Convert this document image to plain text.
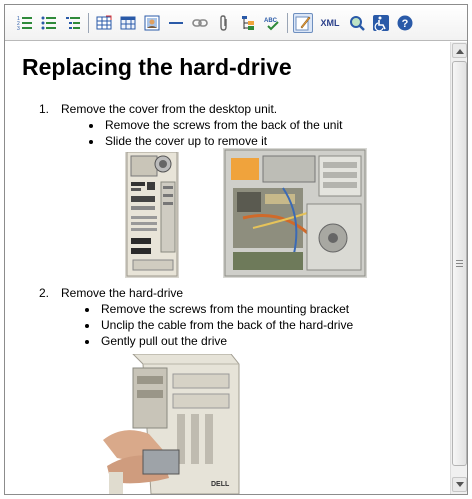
1
2
3
ABC	XML	?
Replacing the hard-drive
1. Remove the cover from the desktop unit.
Remove the screws from the back of the unit
Slide the cover up to remove it
2. Remove the hard-drive
Remove the screws from the mounting bracket
Unclip the cable from the back of the hard-drive
Gently pull out the drive
DELL
